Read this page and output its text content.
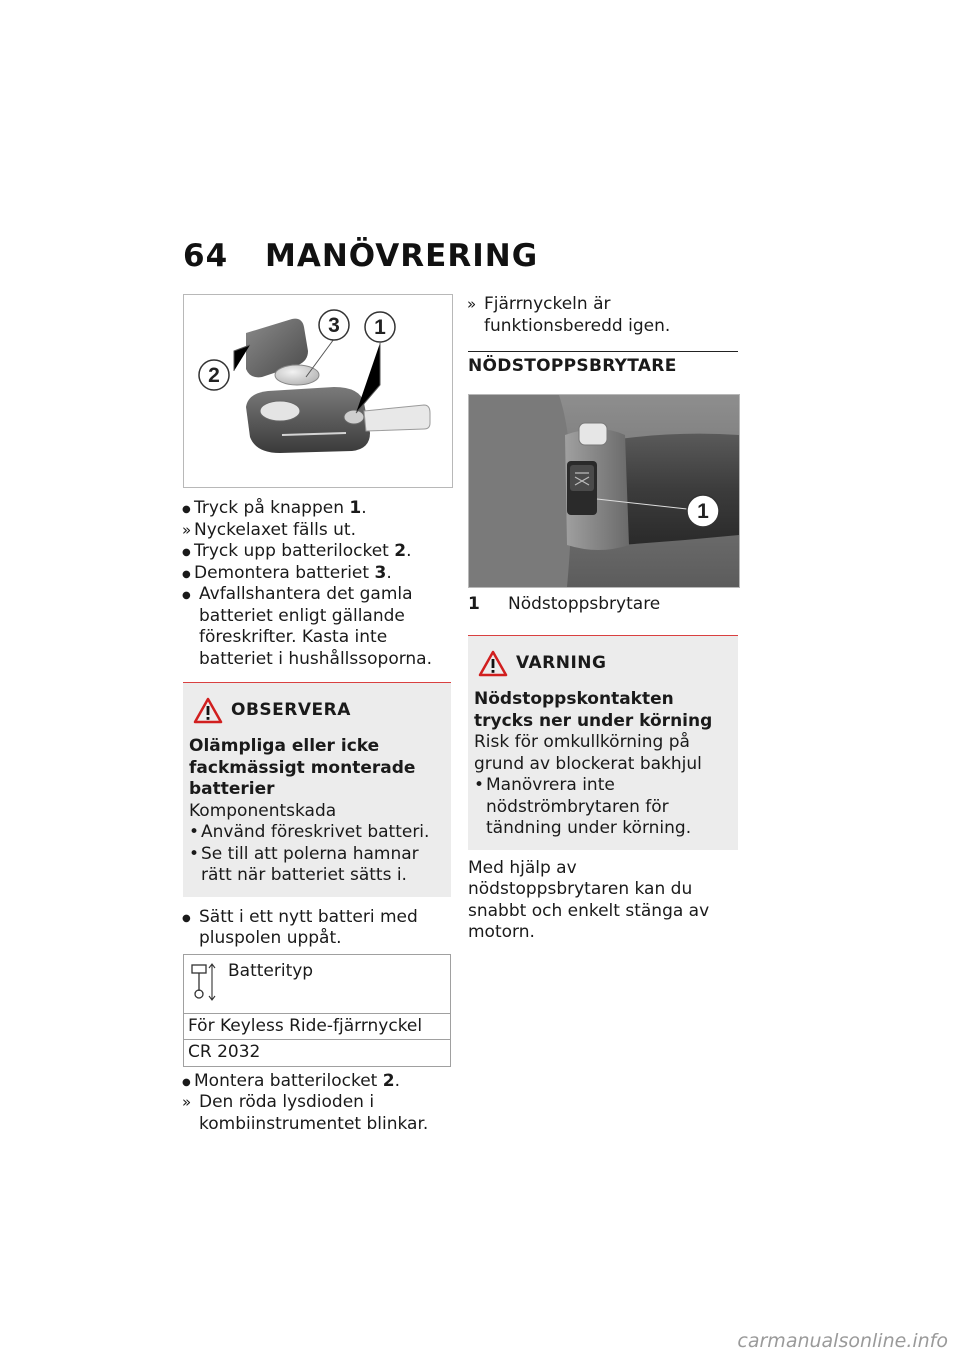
64 MANÖVRERING
3 1
2

● Tryck på knappen 1.

» Nyckelaxet fälls ut.

● Tryck upp batterilocket 2.

● Demontera batteriet 3.

● Avfallshantera det gamla batteriet enligt gällande föreskrifter. Kasta inte batteriet i hushållssoporna.

OBSERVERA

Olämpliga eller icke fackmässigt monterade batterier

Komponentskada

• Använd föreskrivet batteri.

• Se till att polerna hamnar rätt när batteriet sätts i.

● Sätt i ett nytt batteri med pluspolen uppåt.

Batterityp
För Keyless Ride-fjärrnyckel
CR 2032

● Montera batterilocket 2.

» Den röda lysdioden i kombiinstrumentet blinkar.

» Fjärrnyckeln är funktionsberedd igen.

NÖDSTOPPSBRYTARE
1
1	Nödstoppsbrytare
VARNING

Nödstoppskontakten trycks ner under körning

Risk för omkullkörning på grund av blockerat bakhjul

• Manövrera inte nödströmbrytaren för tändning under körning.

Med hjälp av nödstoppsbrytaren kan du snabbt och enkelt stänga av motorn.

carmanualsonline.info
